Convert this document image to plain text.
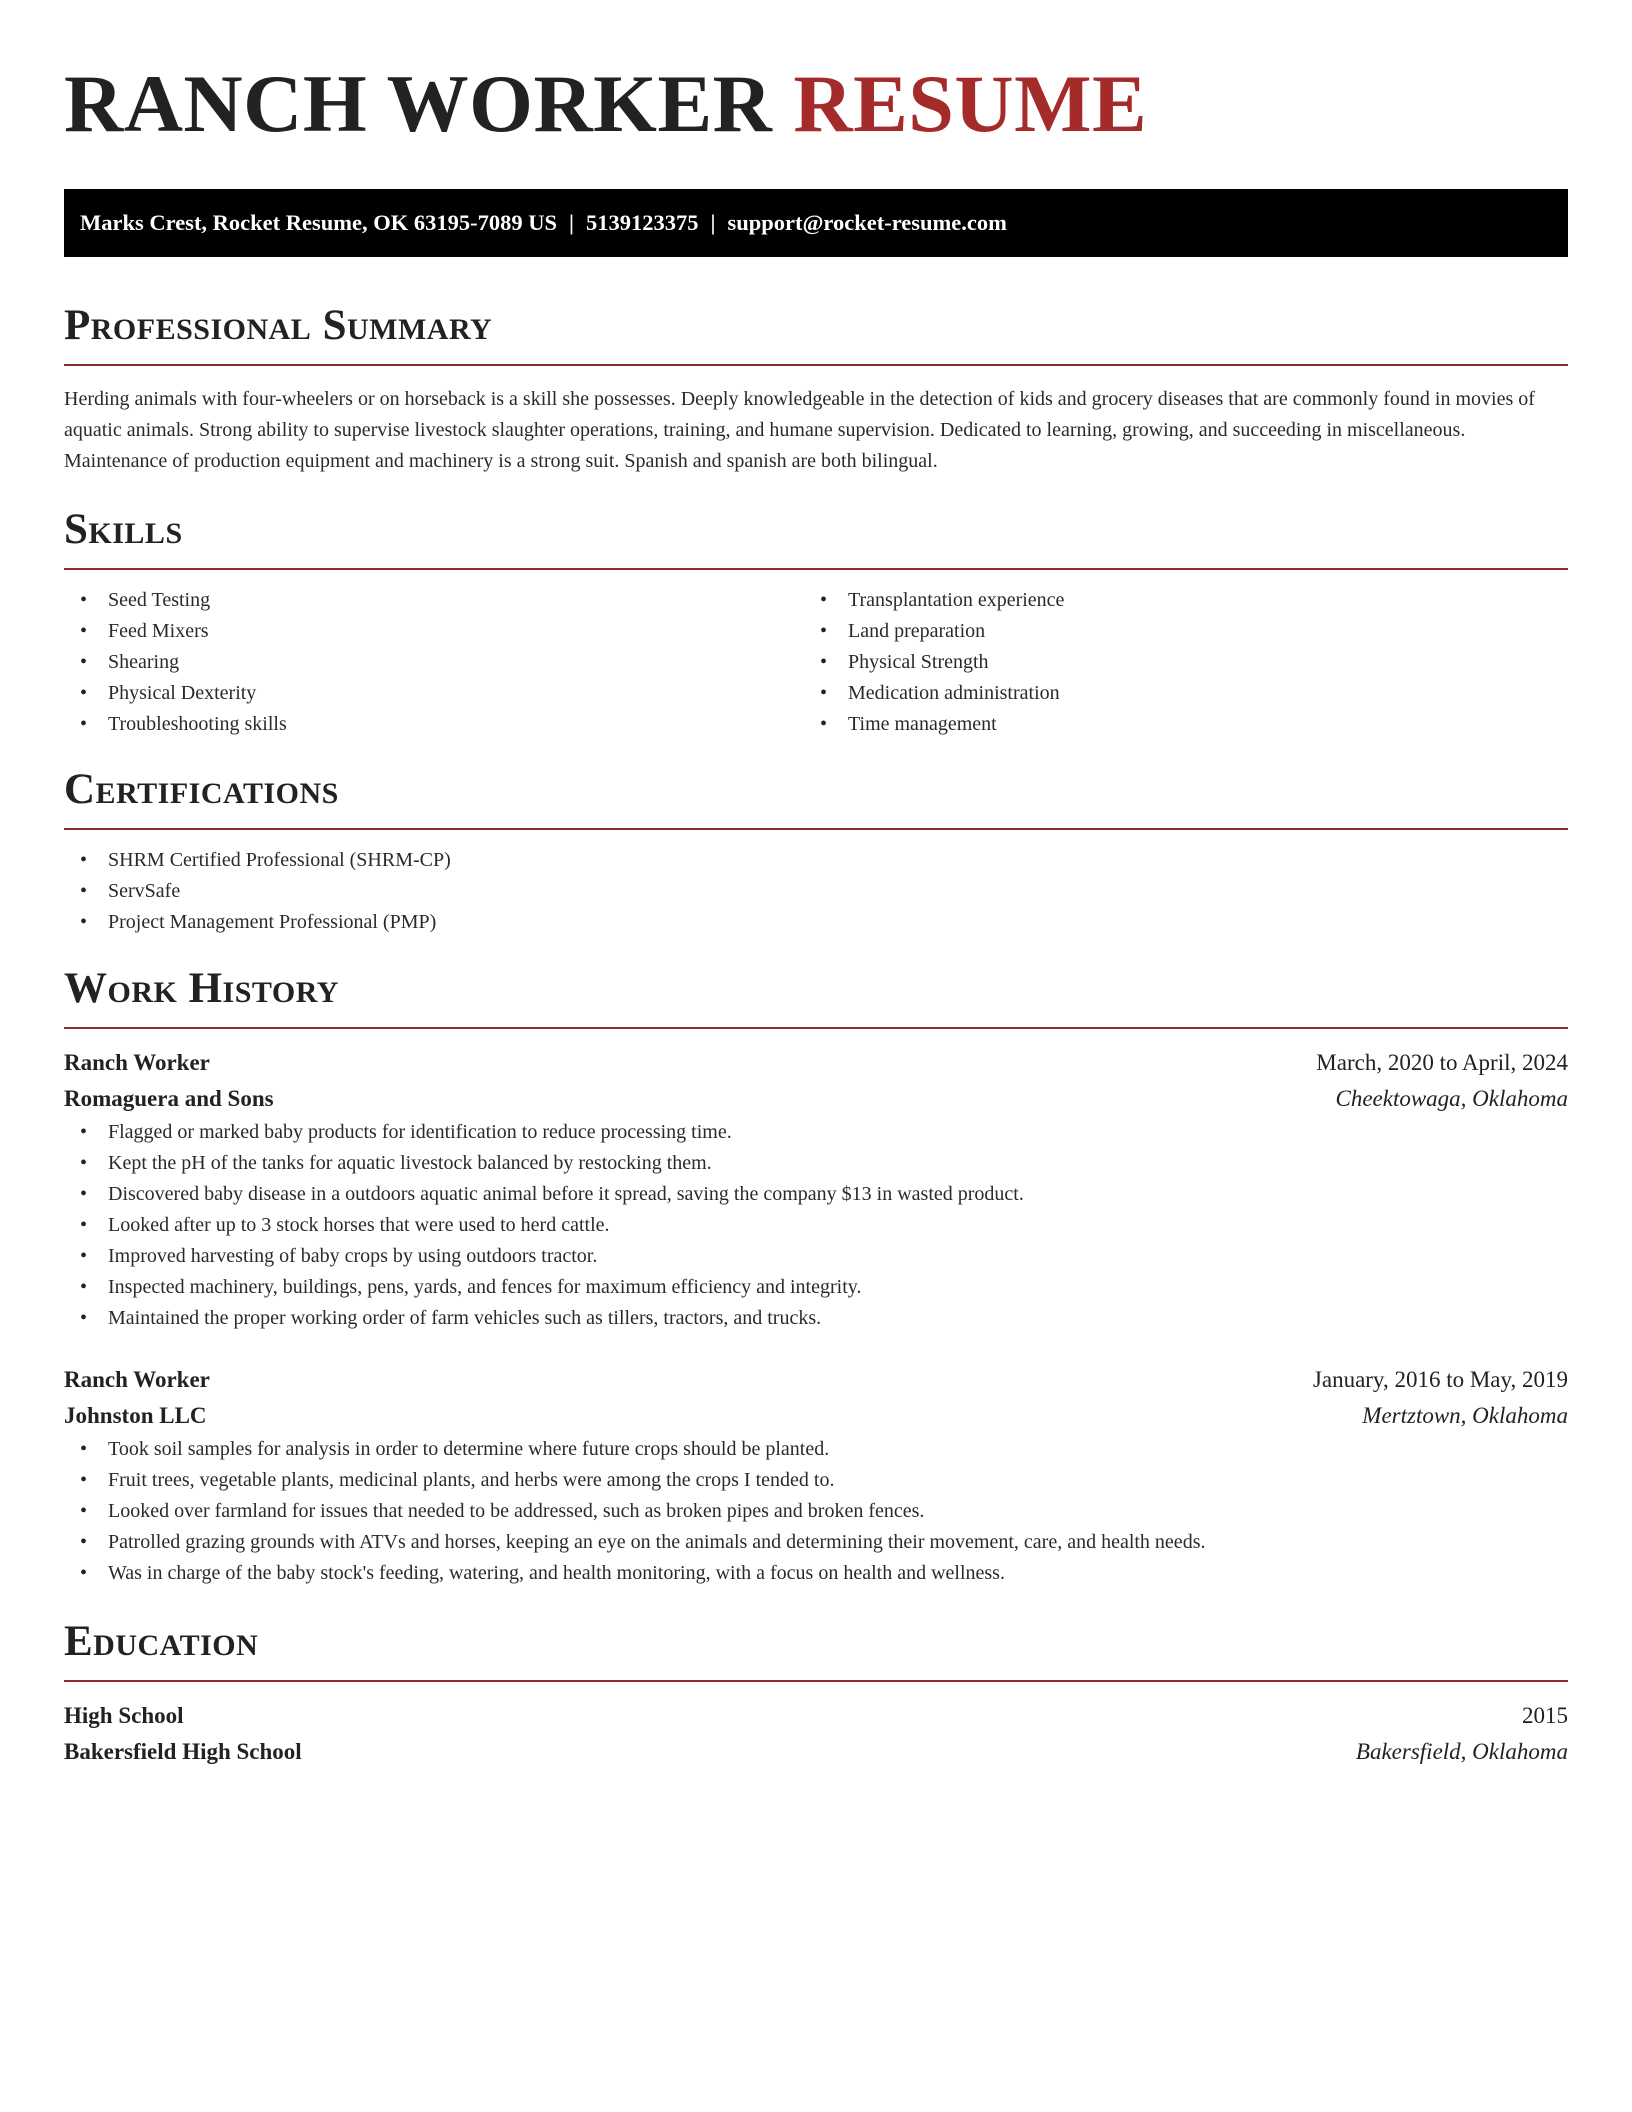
RANCH WORKER RESUME
Marks Crest, Rocket Resume, OK 63195-7089 US | 5139123375 | support@rocket-resume.com
Professional Summary

Herding animals with four-wheelers or on horseback is a skill she possesses. Deeply knowledgeable in the detection of kids and grocery diseases that are commonly found in movies of aquatic animals. Strong ability to supervise livestock slaughter operations, training, and humane supervision. Dedicated to learning, growing, and succeeding in miscellaneous. Maintenance of production equipment and machinery is a strong suit. Spanish and spanish are both bilingual.

Skills
• Seed Testing
• Feed Mixers
• Shearing
• Physical Dexterity
• Troubleshooting skills
• Transplantation experience
• Land preparation
• Physical Strength
• Medication administration
• Time management
Certifications
• SHRM Certified Professional (SHRM-CP)
• ServSafe
• Project Management Professional (PMP)
Work History
Ranch Worker	March, 2020 to April, 2024
Romaguera and Sons	Cheektowaga, Oklahoma
• Flagged or marked baby products for identification to reduce processing time.
• Kept the pH of the tanks for aquatic livestock balanced by restocking them.
• Discovered baby disease in a outdoors aquatic animal before it spread, saving the company $13 in wasted product.
• Looked after up to 3 stock horses that were used to herd cattle.
• Improved harvesting of baby crops by using outdoors tractor.
• Inspected machinery, buildings, pens, yards, and fences for maximum efficiency and integrity.
• Maintained the proper working order of farm vehicles such as tillers, tractors, and trucks.
Ranch Worker	January, 2016 to May, 2019
Johnston LLC	Mertztown, Oklahoma
• Took soil samples for analysis in order to determine where future crops should be planted.
• Fruit trees, vegetable plants, medicinal plants, and herbs were among the crops I tended to.
• Looked over farmland for issues that needed to be addressed, such as broken pipes and broken fences.
• Patrolled grazing grounds with ATVs and horses, keeping an eye on the animals and determining their movement, care, and health needs.
• Was in charge of the baby stock's feeding, watering, and health monitoring, with a focus on health and wellness.
Education
High School	2015
Bakersfield High School	Bakersfield, Oklahoma
